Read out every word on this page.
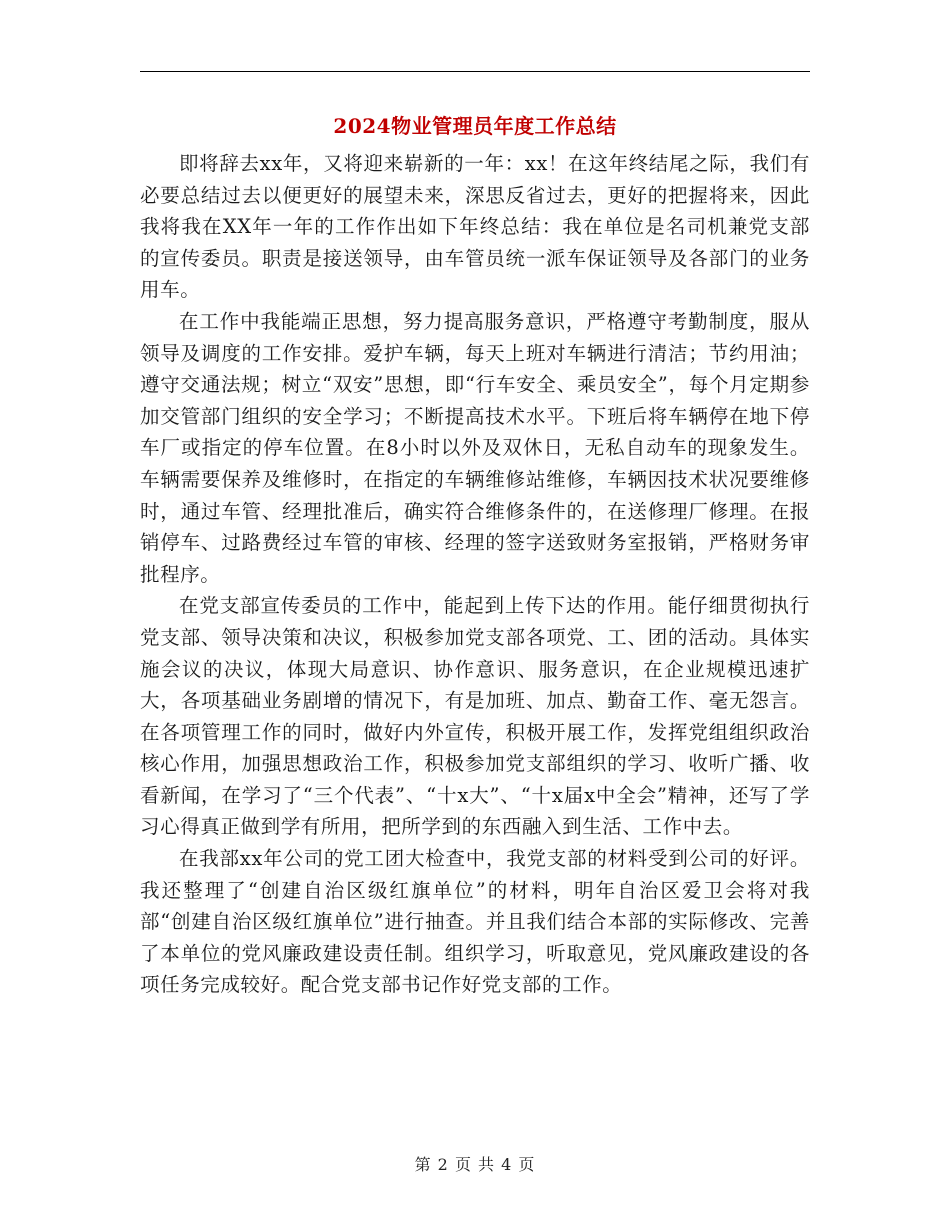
2024物业管理员年度工作总结

即将辞去xx年，又将迎来崭新的一年：xx！在这年终结尾之际，我们有必要总结过去以便更好的展望未来，深思反省过去，更好的把握将来，因此我将我在XX年一年的工作作出如下年终总结：我在单位是名司机兼党支部的宣传委员。职责是接送领导，由车管员统一派车保证领导及各部门的业务用车。

在工作中我能端正思想，努力提高服务意识，严格遵守考勤制度，服从领导及调度的工作安排。爱护车辆，每天上班对车辆进行清洁；节约用油；遵守交通法规；树立“双安”思想，即“行车安全、乘员安全”，每个月定期参加交管部门组织的安全学习；不断提高技术水平。下班后将车辆停在地下停车厂或指定的停车位置。在8小时以外及双休日，无私自动车的现象发生。车辆需要保养及维修时，在指定的车辆维修站维修，车辆因技术状况要维修时，通过车管、经理批准后，确实符合维修条件的，在送修理厂修理。在报销停车、过路费经过车管的审核、经理的签字送致财务室报销，严格财务审批程序。

在党支部宣传委员的工作中，能起到上传下达的作用。能仔细贯彻执行党支部、领导决策和决议，积极参加党支部各项党、工、团的活动。具体实施会议的决议，体现大局意识、协作意识、服务意识，在企业规模迅速扩大，各项基础业务剧增的情况下，有是加班、加点、勤奋工作、毫无怨言。在各项管理工作的同时，做好内外宣传，积极开展工作，发挥党组组织政治核心作用，加强思想政治工作，积极参加党支部组织的学习、收听广播、收看新闻，在学习了“三个代表”、“十x大”、“十x届x中全会”精神，还写了学习心得真正做到学有所用，把所学到的东西融入到生活、工作中去。

在我部xx年公司的党工团大检查中，我党支部的材料受到公司的好评。我还整理了“创建自治区级红旗单位”的材料，明年自治区爱卫会将对我部“创建自治区级红旗单位”进行抽查。并且我们结合本部的实际修改、完善了本单位的党风廉政建设责任制。组织学习，听取意见，党风廉政建设的各项任务完成较好。配合党支部书记作好党支部的工作。

第 2 页 共 4 页
